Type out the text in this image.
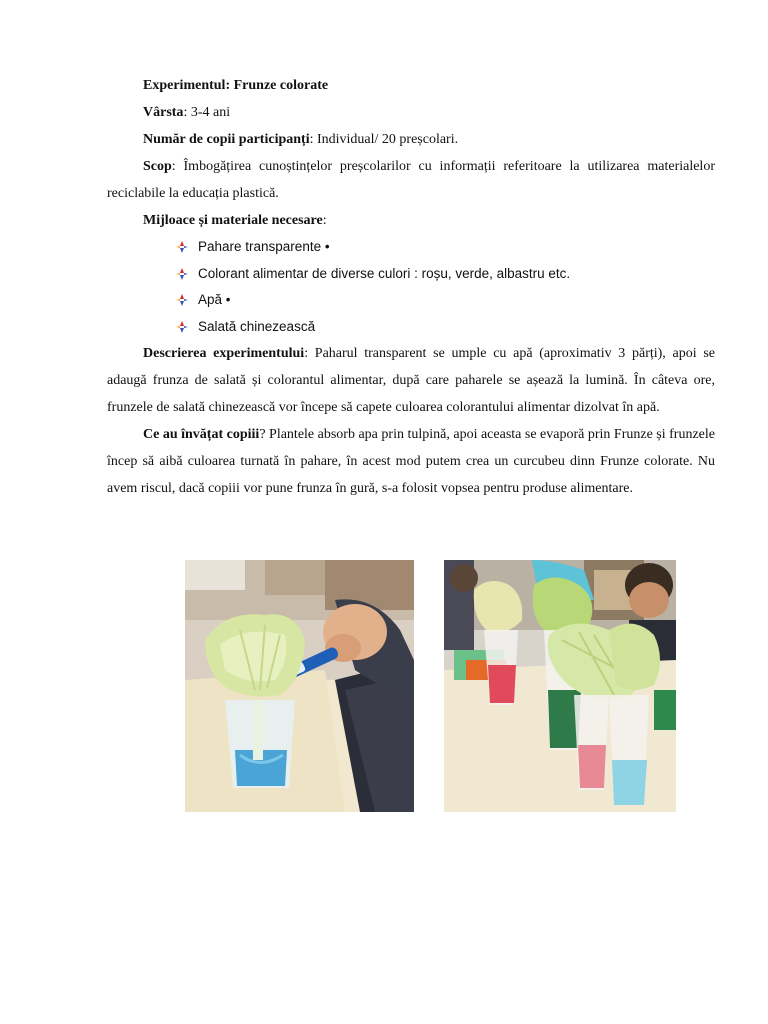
Experimentul: Frunze colorate

Vârsta: 3-4 ani

Număr de copii participanți: Individual/ 20 preșcolari.

Scop: Îmbogățirea cunoștințelor preșcolarilor cu informații referitoare la utilizarea materialelor reciclabile la educația plastică.

Mijloace și materiale necesare:

Pahare transparente •
Colorant alimentar de diverse culori : roșu, verde, albastru etc.
Apă •
Salată chinezească

Descrierea experimentului: Paharul transparent se umple cu apă (aproximativ 3 părți), apoi se adaugă frunza de salată și colorantul alimentar, după care paharele se așează la lumină. În câteva ore, frunzele de salată chinezească vor începe să capete culoarea colorantului alimentar dizolvat în apă.

Ce au învățat copiii? Plantele absorb apa prin tulpină, apoi aceasta se evaporă prin Frunze și frunzele încep să aibă culoarea turnată în pahare, în acest mod putem crea un curcubeu dinn Frunze colorate. Nu avem riscul, dacă copiii vor pune frunza în gură, s-a folosit vopsea pentru produse alimentare.
